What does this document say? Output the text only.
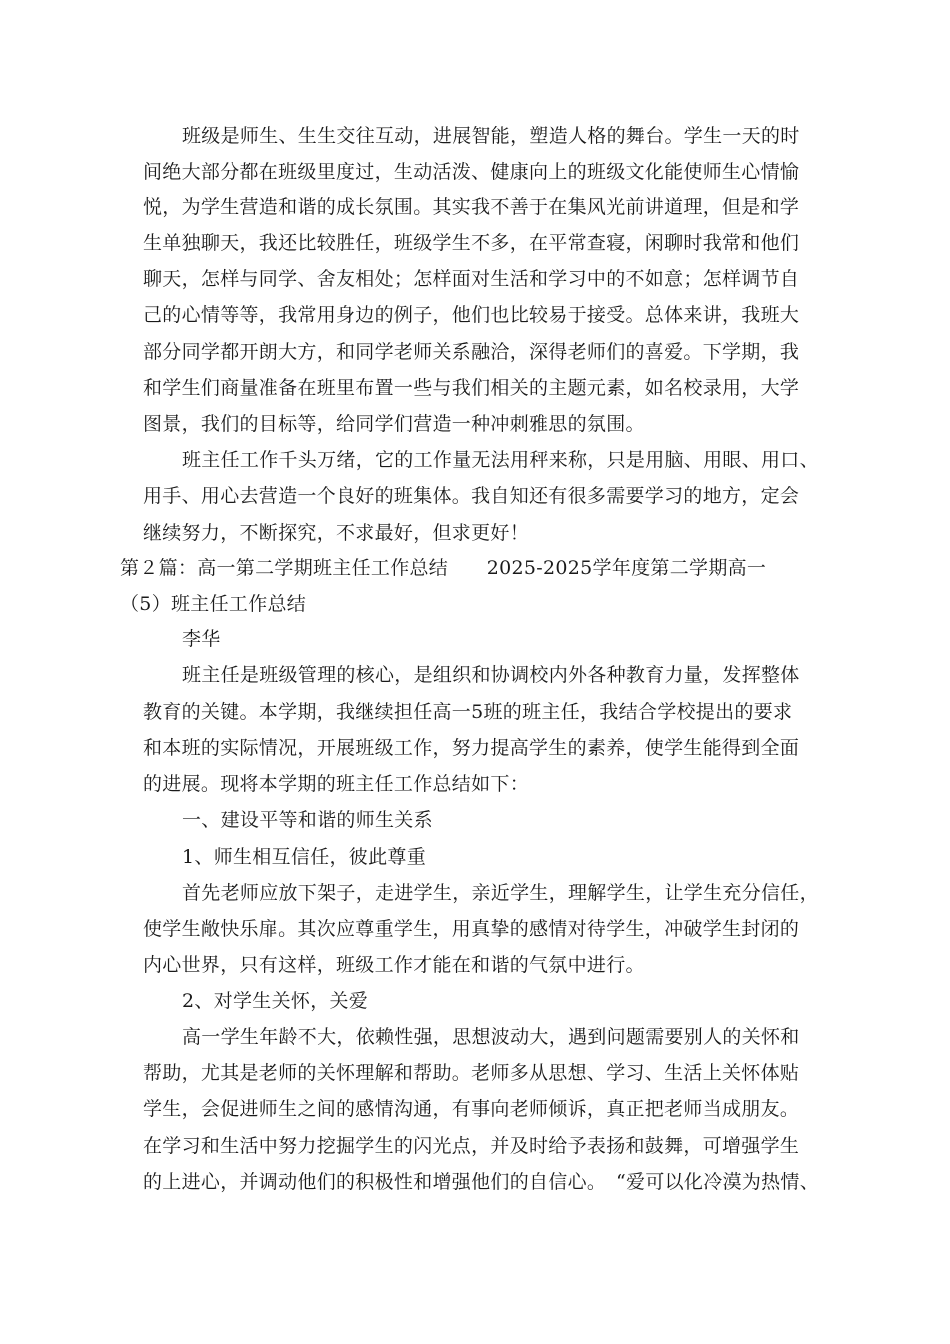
班级是师生、生生交往互动，进展智能，塑造人格的舞台。学生一天的时
间绝大部分都在班级里度过，生动活泼、健康向上的班级文化能使师生心情愉
悦，为学生营造和谐的成长氛围。其实我不善于在集风光前讲道理，但是和学
生单独聊天，我还比较胜任，班级学生不多，在平常查寝，闲聊时我常和他们
聊天，怎样与同学、舍友相处；怎样面对生活和学习中的不如意；怎样调节自
己的心情等等，我常用身边的例子，他们也比较易于接受。总体来讲，我班大
部分同学都开朗大方，和同学老师关系融洽，深得老师们的喜爱。下学期，我
和学生们商量准备在班里布置一些与我们相关的主题元素，如名校录用，大学
图景，我们的目标等，给同学们营造一种冲刺雅思的氛围。
班主任工作千头万绪，它的工作量无法用秤来称，只是用脑、用眼、用口、
用手、用心去营造一个良好的班集体。我自知还有很多需要学习的地方，定会
继续努力，不断探究，不求最好，但求更好！
第２篇：高一第二学期班主任工作总结　　2025-2025学年度第二学期高一
（5）班主任工作总结
李华
班主任是班级管理的核心，是组织和协调校内外各种教育力量，发挥整体
教育的关键。本学期，我继续担任高一5班的班主任，我结合学校提出的要求
和本班的实际情况，开展班级工作，努力提高学生的素养，使学生能得到全面
的进展。现将本学期的班主任工作总结如下：
一、建设平等和谐的师生关系
1、师生相互信任，彼此尊重
首先老师应放下架子，走进学生，亲近学生，理解学生，让学生充分信任，
使学生敞快乐扉。其次应尊重学生，用真挚的感情对待学生，冲破学生封闭的
内心世界，只有这样，班级工作才能在和谐的气氛中进行。
2、对学生关怀，关爱
高一学生年龄不大，依赖性强，思想波动大，遇到问题需要别人的关怀和
帮助，尤其是老师的关怀理解和帮助。老师多从思想、学习、生活上关怀体贴
学生，会促进师生之间的感情沟通，有事向老师倾诉，真正把老师当成朋友。
在学习和生活中努力挖掘学生的闪光点，并及时给予表扬和鼓舞，可增强学生
的上进心，并调动他们的积极性和增强他们的自信心。　“爱可以化冷漠为热情、
